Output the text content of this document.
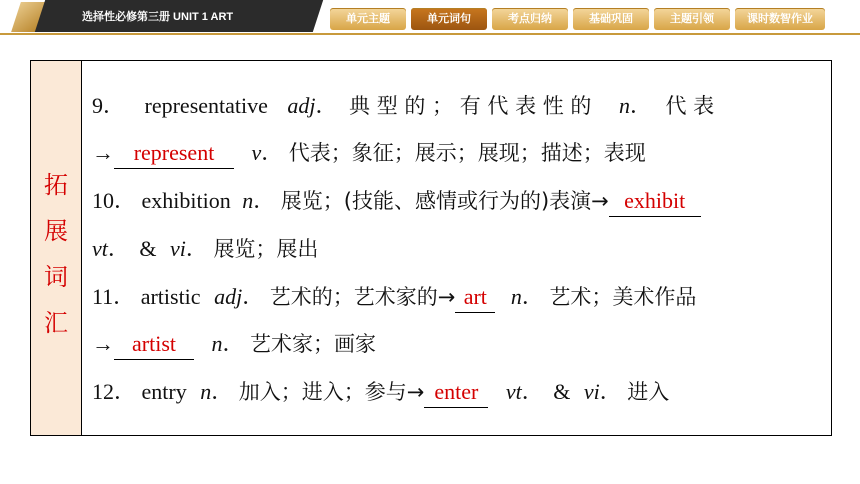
选择性必修第三册 UNIT 1 ART	单元主题	单元词句	考点归纳	基础巩固	主题引领	课时数智作业
拓
展
词
汇
9． representative adj． 典 型 的 ； 有 代 表 性 的 n． 代 表
→ represent v． 代表；象征；展示；展现；描述；表现
10． exhibition n． 展览；(技能、感情或行为的)表演→ exhibit
vt． & vi． 展览；展出
11． artistic adj． 艺术的；艺术家的→ art n． 艺术；美术作品
→ artist n． 艺术家；画家
12． entry n． 加入；进入；参与→ enter vt． & vi． 进入
